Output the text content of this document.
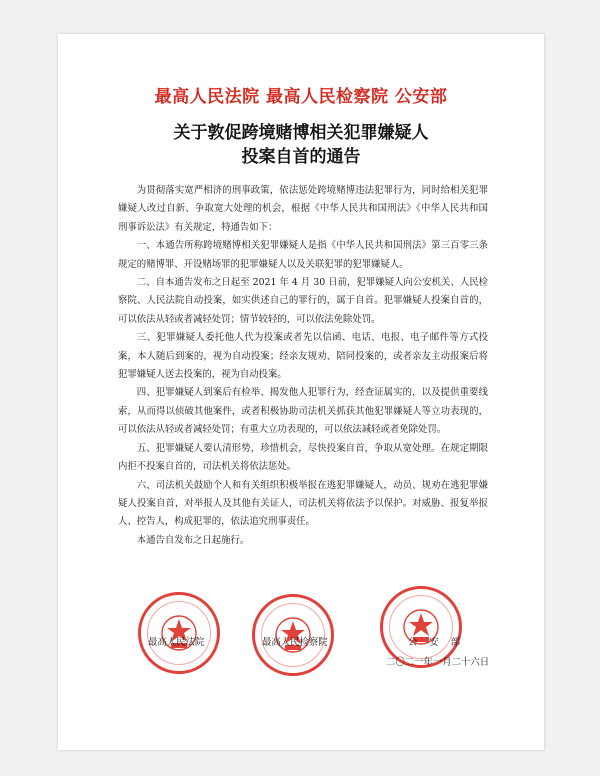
最高人民法院 最高人民检察院 公安部
关于敦促跨境赌博相关犯罪嫌疑人
投案自首的通告

为贯彻落实宽严相济的刑事政策，依法惩处跨境赌博违法犯罪行为，同时给相关犯罪嫌疑人改过自新、争取宽大处理的机会，根据《中华人民共和国刑法》《中华人民共和国刑事诉讼法》有关规定，特通告如下：

一、本通告所称跨境赌博相关犯罪嫌疑人是指《中华人民共和国刑法》第三百零三条规定的赌博罪、开设赌场罪的犯罪嫌疑人以及关联犯罪的犯罪嫌疑人。

二、自本通告发布之日起至 2021 年 4 月 30 日前，犯罪嫌疑人向公安机关、人民检察院、人民法院自动投案，如实供述自己的罪行的，属于自首。犯罪嫌疑人投案自首的，可以依法从轻或者减轻处罚；情节较轻的，可以依法免除处罚。

三、犯罪嫌疑人委托他人代为投案或者先以信函、电话、电报、电子邮件等方式投案，本人随后到案的，视为自动投案；经亲友规劝、陪同投案的，或者亲友主动报案后将犯罪嫌疑人送去投案的，视为自动投案。

四、犯罪嫌疑人到案后有检举、揭发他人犯罪行为，经查证属实的，以及提供重要线索，从而得以侦破其他案件，或者积极协助司法机关抓获其他犯罪嫌疑人等立功表现的，可以依法从轻或者减轻处罚；有重大立功表现的，可以依法减轻或者免除处罚。

五、犯罪嫌疑人要认清形势，珍惜机会，尽快投案自首，争取从宽处理。在规定期限内拒不投案自首的，司法机关将依法惩处。

六、司法机关鼓励个人和有关组织积极举报在逃犯罪嫌疑人，动员、规劝在逃犯罪嫌疑人投案自首，对举报人及其他有关证人，司法机关将依法予以保护。对威胁、报复举报人、控告人，构成犯罪的，依法追究刑事责任。

本通告自发布之日起施行。

最高人民法院	最高人民检察院	公    安    部
二〇二一年一月二十六日
